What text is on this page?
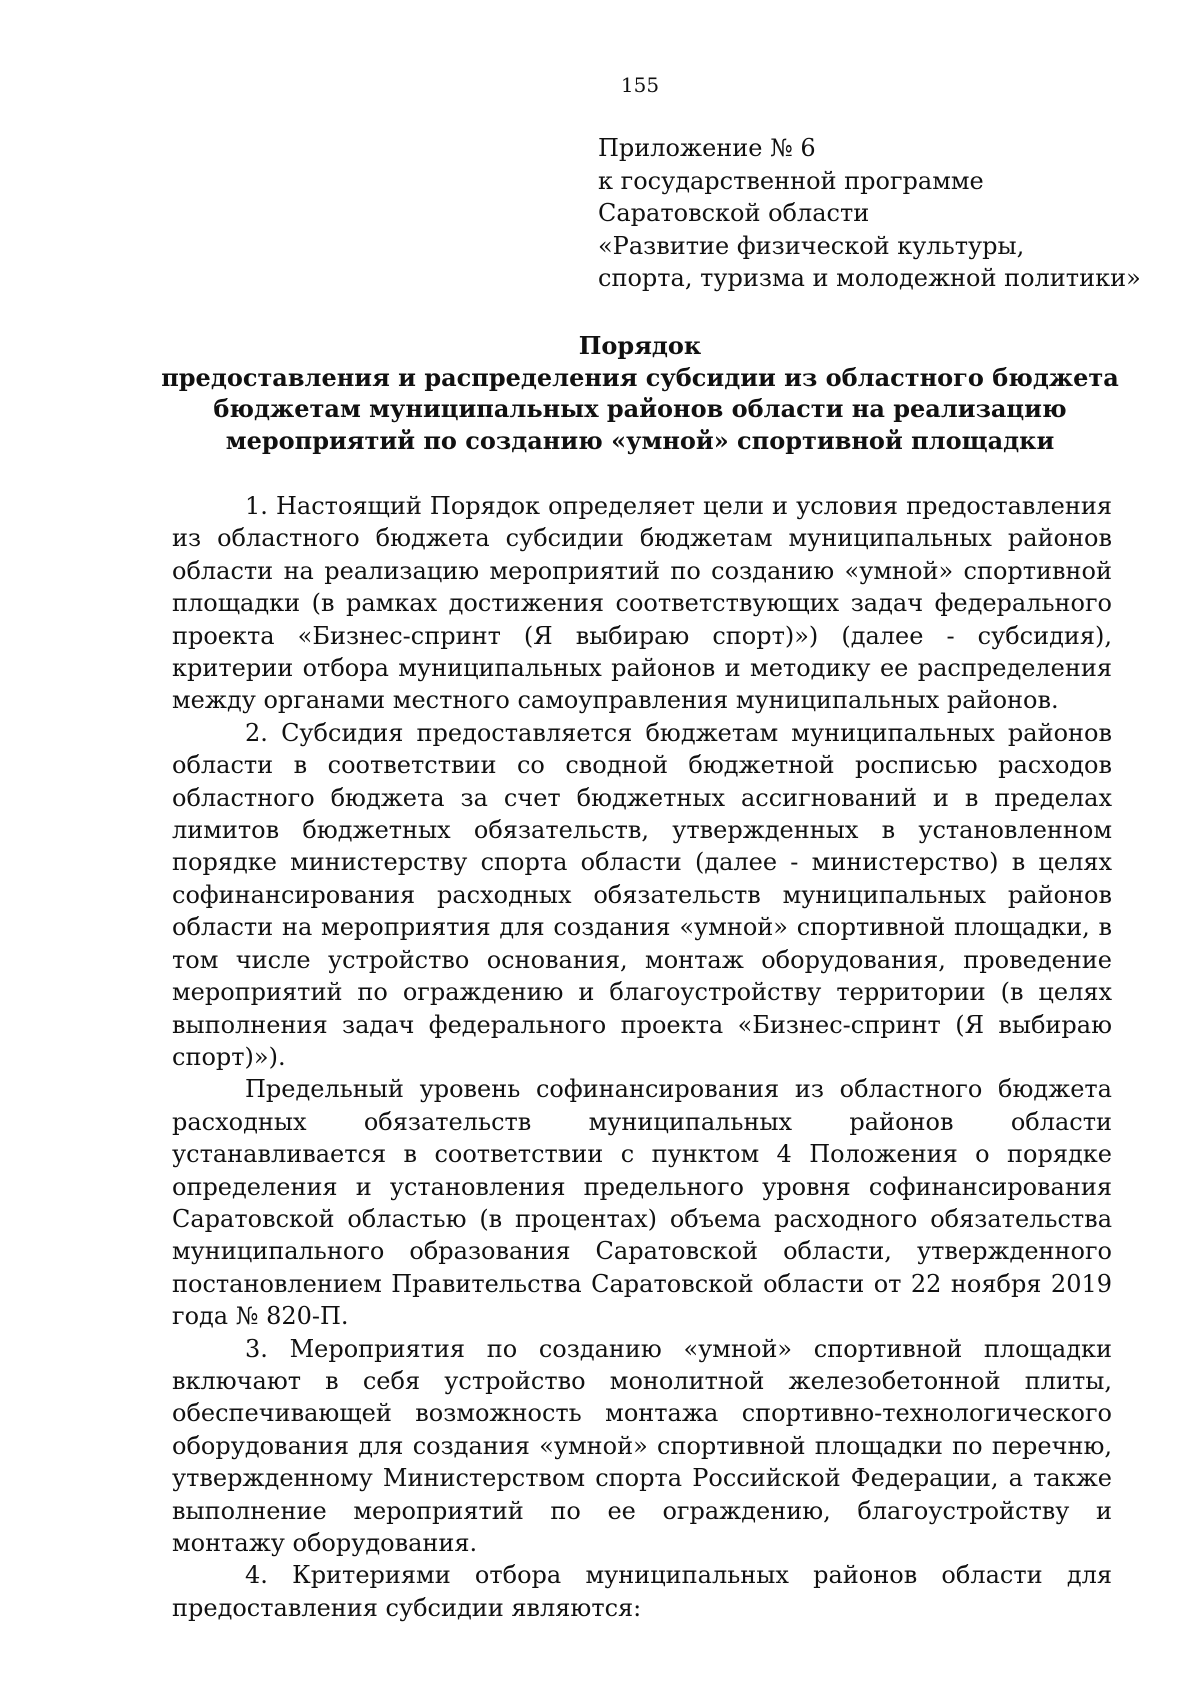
155
Приложение № 6
к государственной программе
Саратовской области
«Развитие физической культуры,
спорта, туризма и молодежной политики»
Порядок
предоставления и распределения субсидии из областного бюджета
бюджетам муниципальных районов области на реализацию
мероприятий по созданию «умной» спортивной площадки

1. Настоящий Порядок определяет цели и условия предоставления из областного бюджета субсидии бюджетам муниципальных районов области на реализацию мероприятий по созданию «умной» спортивной площадки (в рамках достижения соответствующих задач федерального проекта «Бизнес-спринт (Я выбираю спорт)») (далее - субсидия), критерии отбора муниципальных районов и методику ее распределения между органами местного самоуправления муниципальных районов.

2. Субсидия предоставляется бюджетам муниципальных районов области в соответствии со сводной бюджетной росписью расходов областного бюджета за счет бюджетных ассигнований и в пределах лимитов бюджетных обязательств, утвержденных в установленном порядке министерству спорта области (далее - министерство) в целях софинансирования расходных обязательств муниципальных районов области на мероприятия для создания «умной» спортивной площадки, в том числе устройство основания, монтаж оборудования, проведение мероприятий по ограждению и благоустройству территории (в целях выполнения задач федерального проекта «Бизнес-спринт (Я выбираю спорт)»).

Предельный уровень софинансирования из областного бюджета расходных обязательств муниципальных районов области устанавливается в соответствии с пунктом 4 Положения о порядке определения и установления предельного уровня софинансирования Саратовской областью (в процентах) объема расходного обязательства муниципального образования Саратовской области, утвержденного постановлением Правительства Саратовской области от 22 ноября 2019 года № 820-П.

3. Мероприятия по созданию «умной» спортивной площадки включают в себя устройство монолитной железобетонной плиты, обеспечивающей возможность монтажа спортивно-технологического оборудования для создания «умной» спортивной площадки по перечню, утвержденному Министерством спорта Российской Федерации, а также выполнение мероприятий по ее ограждению, благоустройству и монтажу оборудования.

4. Критериями отбора муниципальных районов области для предоставления субсидии являются:
